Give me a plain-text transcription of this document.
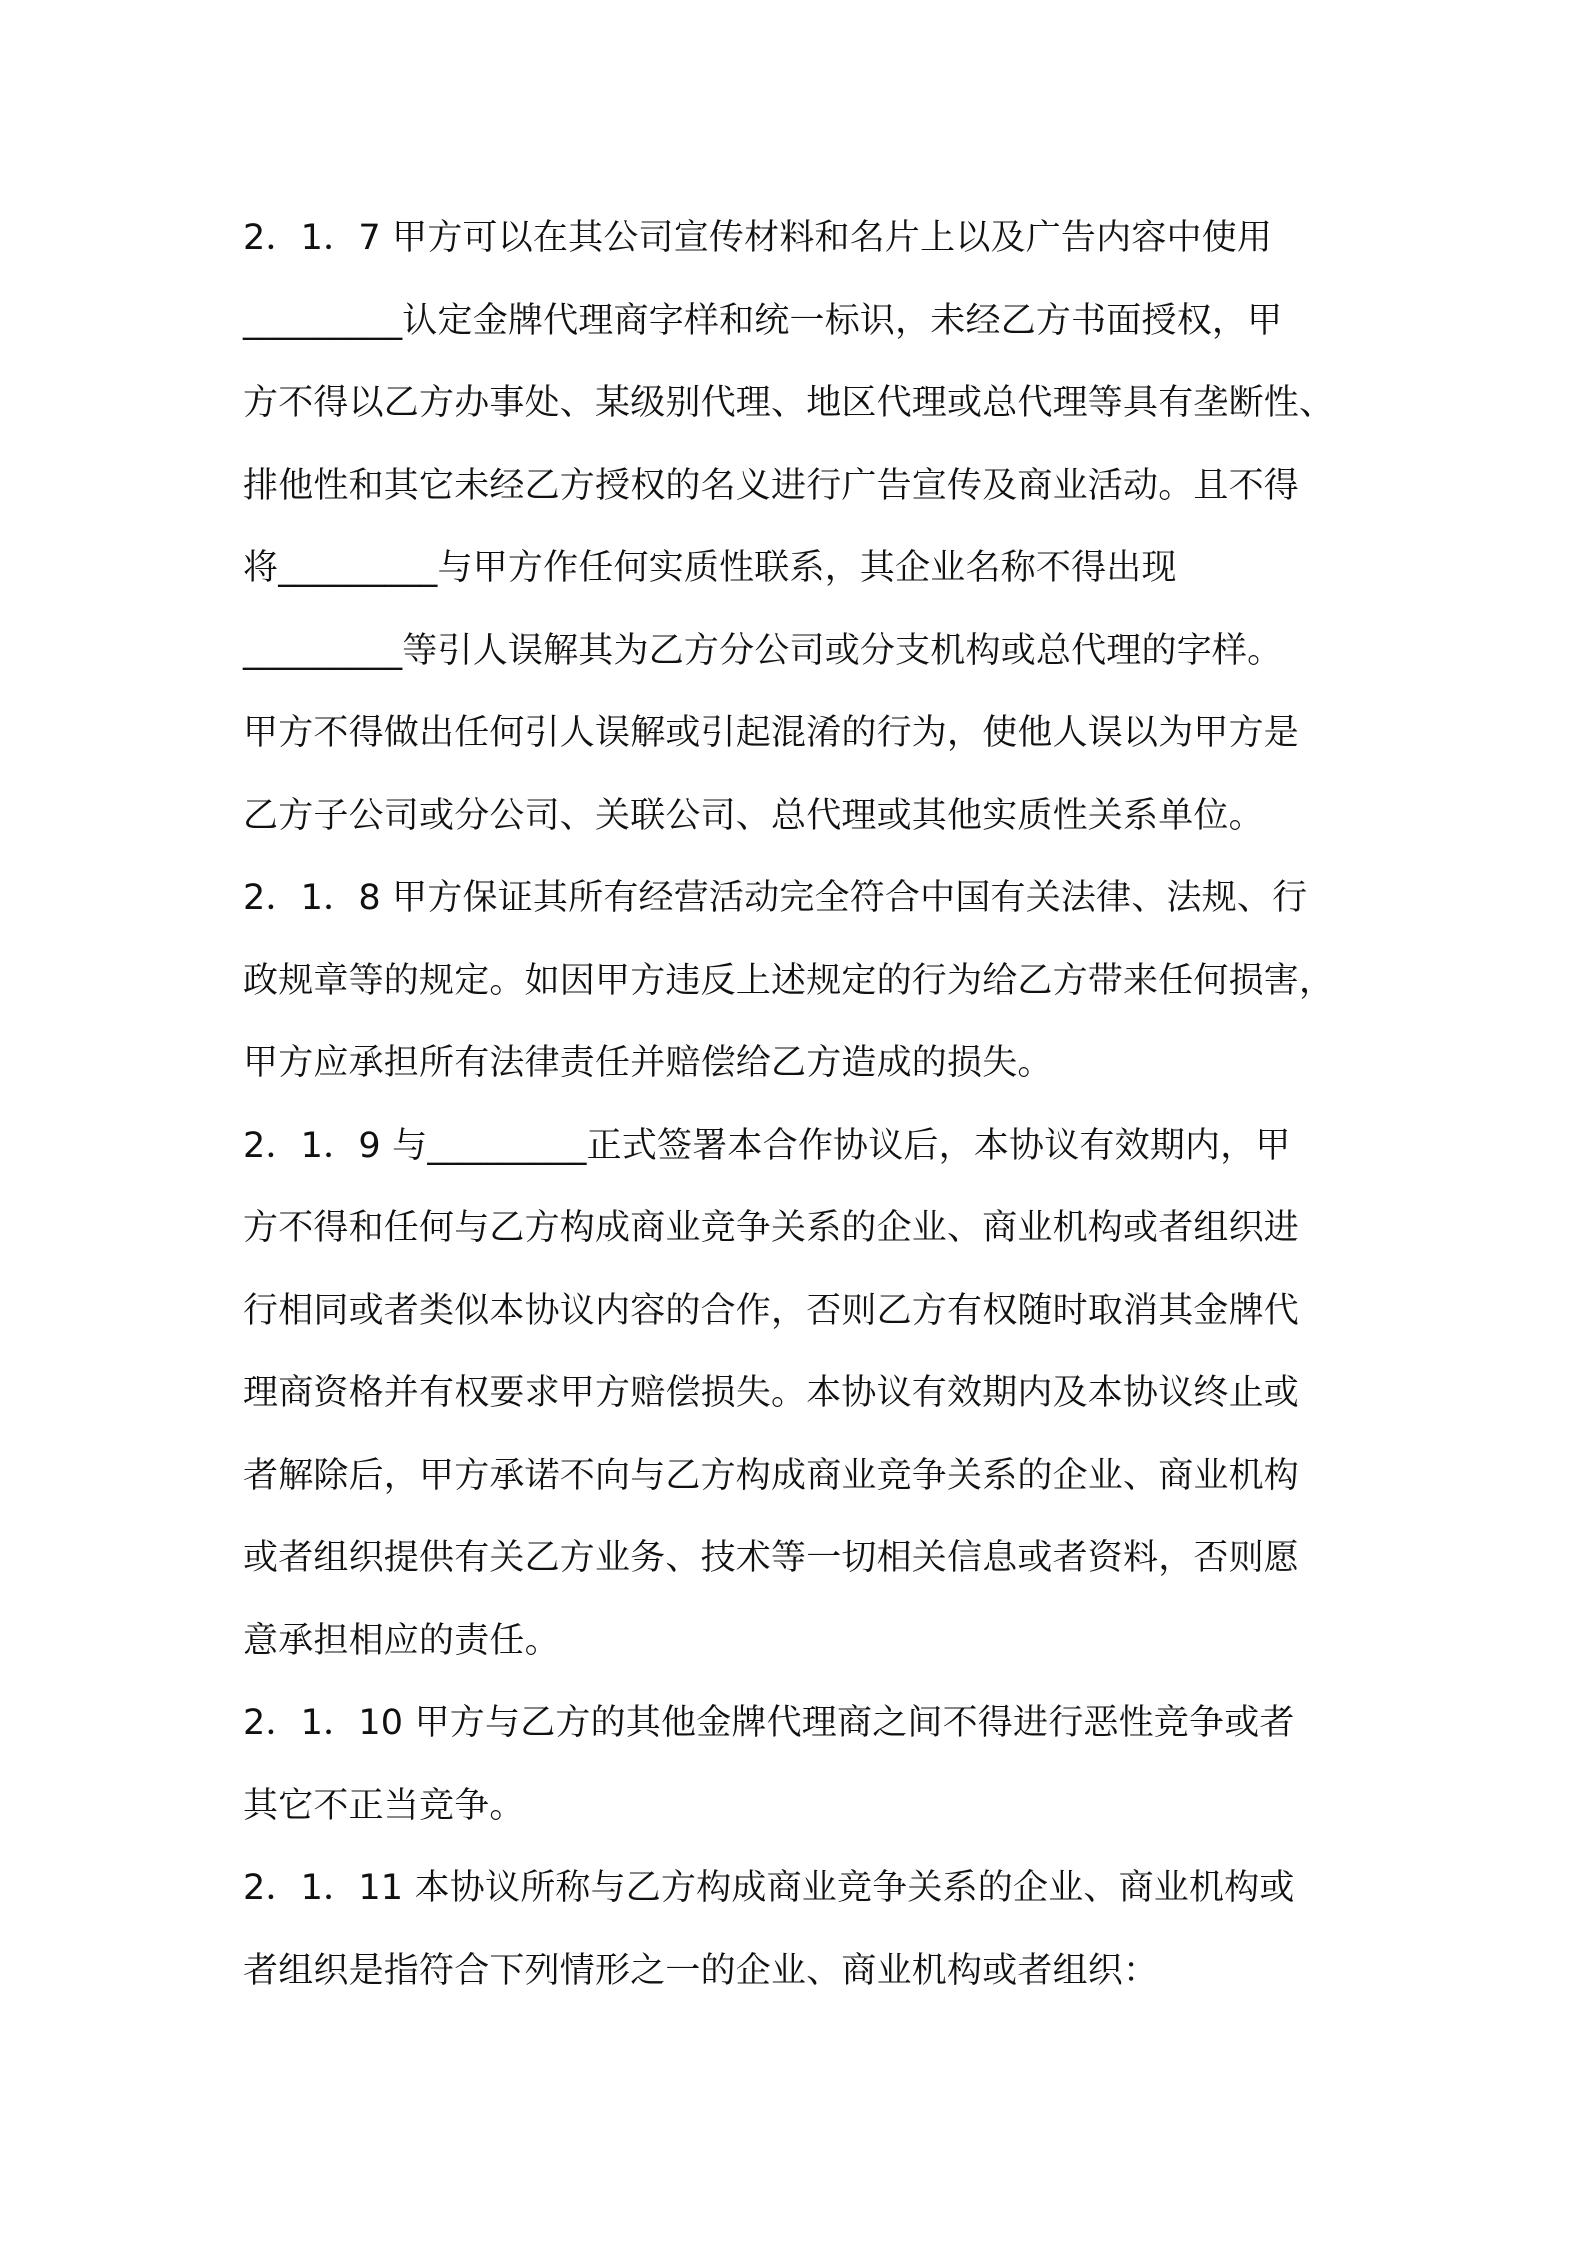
2．1．7 甲方可以在其公司宣传材料和名片上以及广告内容中使用
_________认定金牌代理商字样和统一标识，未经乙方书面授权，甲
方不得以乙方办事处、某级别代理、地区代理或总代理等具有垄断性、
排他性和其它未经乙方授权的名义进行广告宣传及商业活动。且不得
将_________与甲方作任何实质性联系，其企业名称不得出现
_________等引人误解其为乙方分公司或分支机构或总代理的字样。
甲方不得做出任何引人误解或引起混淆的行为，使他人误以为甲方是
乙方子公司或分公司、关联公司、总代理或其他实质性关系单位。
2．1．8 甲方保证其所有经营活动完全符合中国有关法律、法规、行
政规章等的规定。如因甲方违反上述规定的行为给乙方带来任何损害，
甲方应承担所有法律责任并赔偿给乙方造成的损失。
2．1．9 与_________正式签署本合作协议后，本协议有效期内，甲
方不得和任何与乙方构成商业竞争关系的企业、商业机构或者组织进
行相同或者类似本协议内容的合作，否则乙方有权随时取消其金牌代
理商资格并有权要求甲方赔偿损失。本协议有效期内及本协议终止或
者解除后，甲方承诺不向与乙方构成商业竞争关系的企业、商业机构
或者组织提供有关乙方业务、技术等一切相关信息或者资料，否则愿
意承担相应的责任。
2．1．10 甲方与乙方的其他金牌代理商之间不得进行恶性竞争或者
其它不正当竞争。
2．1．11 本协议所称与乙方构成商业竞争关系的企业、商业机构或
者组织是指符合下列情形之一的企业、商业机构或者组织：
